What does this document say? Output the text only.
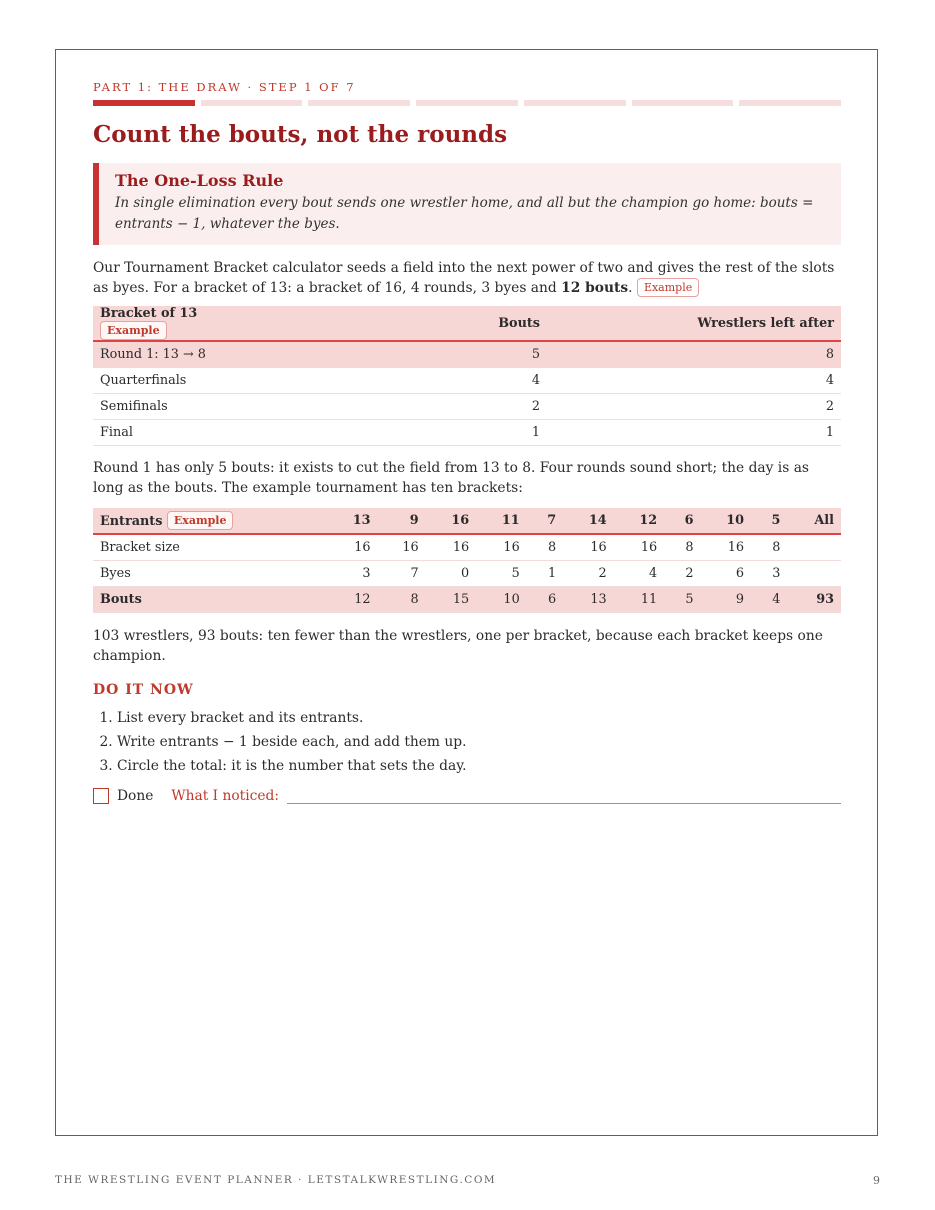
PART 1: THE DRAW · STEP 1 OF 7
Count the bouts, not the rounds
The One-Loss Rule
In single elimination every bout sends one wrestler home, and all but the champion go home: bouts = entrants − 1, whatever the byes.

Our Tournament Bracket calculator seeds a field into the next power of two and gives the rest of the slots as byes. For a bracket of 13: a bracket of 16, 4 rounds, 3 byes and 12 bouts. Example

Bracket of 13 Example	Bouts	Wrestlers left after
Round 1: 13 → 8	5	8
Quarterfinals	4	4
Semifinals	2	2
Final	1	1

Round 1 has only 5 bouts: it exists to cut the field from 13 to 8. Four rounds sound short; the day is as long as the bouts. The example tournament has ten brackets:

Entrants Example	13	9	16	11	7	14	12	6	10	5	All
Bracket size	16	16	16	16	8	16	16	8	16	8	
Byes	3	7	0	5	1	2	4	2	6	3	
Bouts	12	8	15	10	6	13	11	5	9	4	93

103 wrestlers, 93 bouts: ten fewer than the wrestlers, one per bracket, because each bracket keeps one champion.

DO IT NOW
1. List every bracket and its entrants.
2. Write entrants − 1 beside each, and add them up.
3. Circle the total: it is the number that sets the day.
Done What I noticed:
THE WRESTLING EVENT PLANNER · LETSTALKWRESTLING.COM	9
